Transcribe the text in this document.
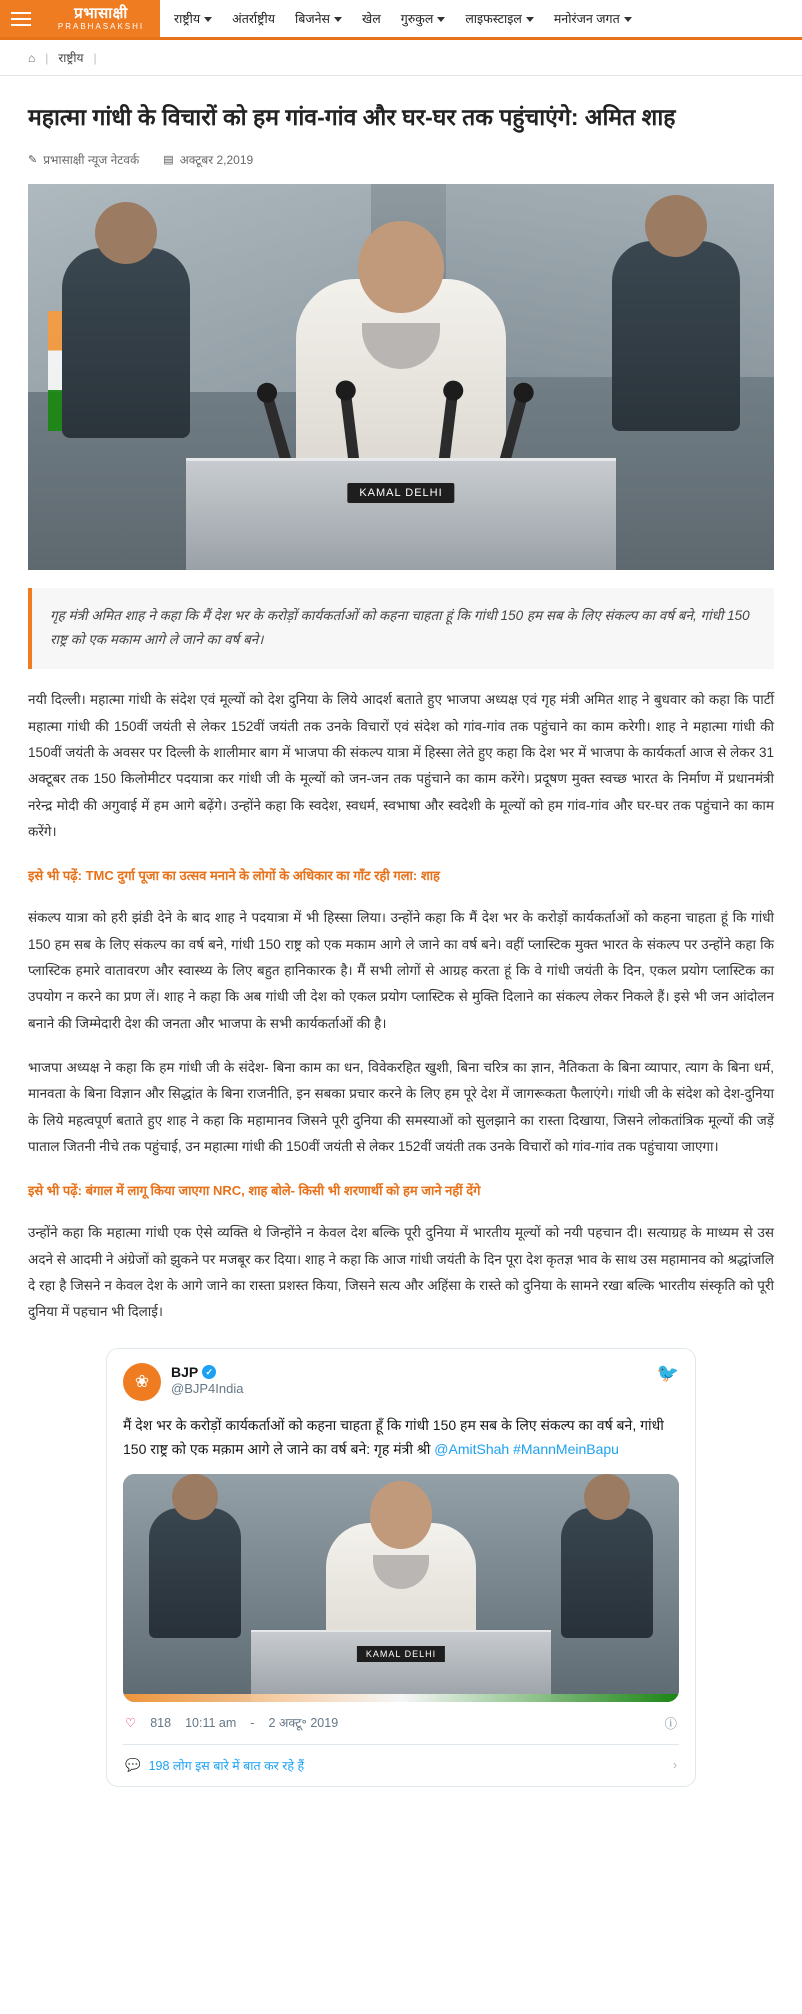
प्रभासाक्षी
PRABHASAKSHI
राष्ट्रीय	अंतर्राष्ट्रीय बिजनेस	खेल गुरुकुल	लाइफस्टाइल	मनोरंजन जगत
⌂ | राष्ट्रीय |
महात्मा गांधी के विचारों को हम गांव-गांव और घर-घर तक पहुंचाएंगे: अमित शाह
✎ प्रभासाक्षी न्यूज नेटवर्क ▤ अक्टूबर 2,2019
KAMAL DELHI
गृह मंत्री अमित शाह ने कहा कि मैं देश भर के करोड़ों कार्यकर्ताओं को कहना चाहता हूं कि गांधी 150 हम सब के लिए संकल्प का वर्ष बने, गांधी 150 राष्ट्र को एक मकाम आगे ले जाने का वर्ष बने।

नयी दिल्ली। महात्मा गांधी के संदेश एवं मूल्यों को देश दुनिया के लिये आदर्श बताते हुए भाजपा अध्यक्ष एवं गृह मंत्री अमित शाह ने बुधवार को कहा कि पार्टी महात्मा गांधी की 150वीं जयंती से लेकर 152वीं जयंती तक उनके विचारों एवं संदेश को गांव-गांव तक पहुंचाने का काम करेगी। शाह ने महात्मा गांधी की 150वीं जयंती के अवसर पर दिल्ली के शालीमार बाग में भाजपा की संकल्प यात्रा में हिस्सा लेते हुए कहा कि देश भर में भाजपा के कार्यकर्ता आज से लेकर 31 अक्टूबर तक 150 किलोमीटर पदयात्रा कर गांधी जी के मूल्यों को जन-जन तक पहुंचाने का काम करेंगे। प्रदूषण मुक्त स्वच्छ भारत के निर्माण में प्रधानमंत्री नरेन्द्र मोदी की अगुवाई में हम आगे बढ़ेंगे। उन्होंने कहा कि स्वदेश, स्वधर्म, स्वभाषा और स्वदेशी के मूल्यों को हम गांव-गांव और घर-घर तक पहुंचाने का काम करेंगे।

इसे भी पढ़ें: TMC दुर्गा पूजा का उत्सव मनाने के लोगों के अधिकार का गॉंट रही गला: शाह

संकल्प यात्रा को हरी झंडी देने के बाद शाह ने पदयात्रा में भी हिस्सा लिया। उन्होंने कहा कि मैं देश भर के करोड़ों कार्यकर्ताओं को कहना चाहता हूं कि गांधी 150 हम सब के लिए संकल्प का वर्ष बने, गांधी 150 राष्ट्र को एक मकाम आगे ले जाने का वर्ष बने। वहीं प्लास्टिक मुक्त भारत के संकल्प पर उन्होंने कहा कि प्लास्टिक हमारे वातावरण और स्वास्थ्य के लिए बहुत हानिकारक है। मैं सभी लोगों से आग्रह करता हूं कि वे गांधी जयंती के दिन, एकल प्रयोग प्लास्टिक का उपयोग न करने का प्रण लें। शाह ने कहा कि अब गांधी जी देश को एकल प्रयोग प्लास्टिक से मुक्ति दिलाने का संकल्प लेकर निकले हैं। इसे भी जन आंदोलन बनाने की जिम्मेदारी देश की जनता और भाजपा के सभी कार्यकर्ताओं की है।

भाजपा अध्यक्ष ने कहा कि हम गांधी जी के संदेश- बिना काम का धन, विवेकरहित खुशी, बिना चरित्र का ज्ञान, नैतिकता के बिना व्यापार, त्याग के बिना धर्म, मानवता के बिना विज्ञान और सिद्धांत के बिना राजनीति, इन सबका प्रचार करने के लिए हम पूरे देश में जागरूकता फैलाएंगे। गांधी जी के संदेश को देश-दुनिया के लिये महत्वपूर्ण बताते हुए शाह ने कहा कि महामानव जिसने पूरी दुनिया की समस्याओं को सुलझाने का रास्ता दिखाया, जिसने लोकतांत्रिक मूल्यों की जड़ें पाताल जितनी नीचे तक पहुंचाई, उन महात्मा गांधी की 150वीं जयंती से लेकर 152वीं जयंती तक उनके विचारों को गांव-गांव तक पहुंचाया जाएगा।

इसे भी पढ़ें: बंगाल में लागू किया जाएगा NRC, शाह बोले- किसी भी शरणार्थी को हम जाने नहीं देंगे

उन्होंने कहा कि महात्मा गांधी एक ऐसे व्यक्ति थे जिन्होंने न केवल देश बल्कि पूरी दुनिया में भारतीय मूल्यों को नयी पहचान दी। सत्याग्रह के माध्यम से उस अदने से आदमी ने अंग्रेजों को झुकने पर मजबूर कर दिया। शाह ने कहा कि आज गांधी जयंती के दिन पूरा देश कृतज्ञ भाव के साथ उस महामानव को श्रद्धांजलि दे रहा है जिसने न केवल देश के आगे जाने का रास्ता प्रशस्त किया, जिसने सत्य और अहिंसा के रास्ते को दुनिया के सामने रखा बल्कि भारतीय संस्कृति को पूरी दुनिया में पहचान भी दिलाई।

❀ BJP ✓
@BJP4India
🐦
मैं देश भर के करोड़ों कार्यकर्ताओं को कहना चाहता हूँ कि गांधी 150 हम सब के लिए संकल्प का वर्ष बने, गांधी 150 राष्ट्र को एक मक़ाम आगे ले जाने का वर्ष बने: गृह मंत्री श्री @AmitShah #MannMeinBapu
KAMAL DELHI
♡ 818 10:11 am - 2 अक्टू॰ 2019	ⓘ
💬 198 लोग इस बारे में बात कर रहे हैं	›
